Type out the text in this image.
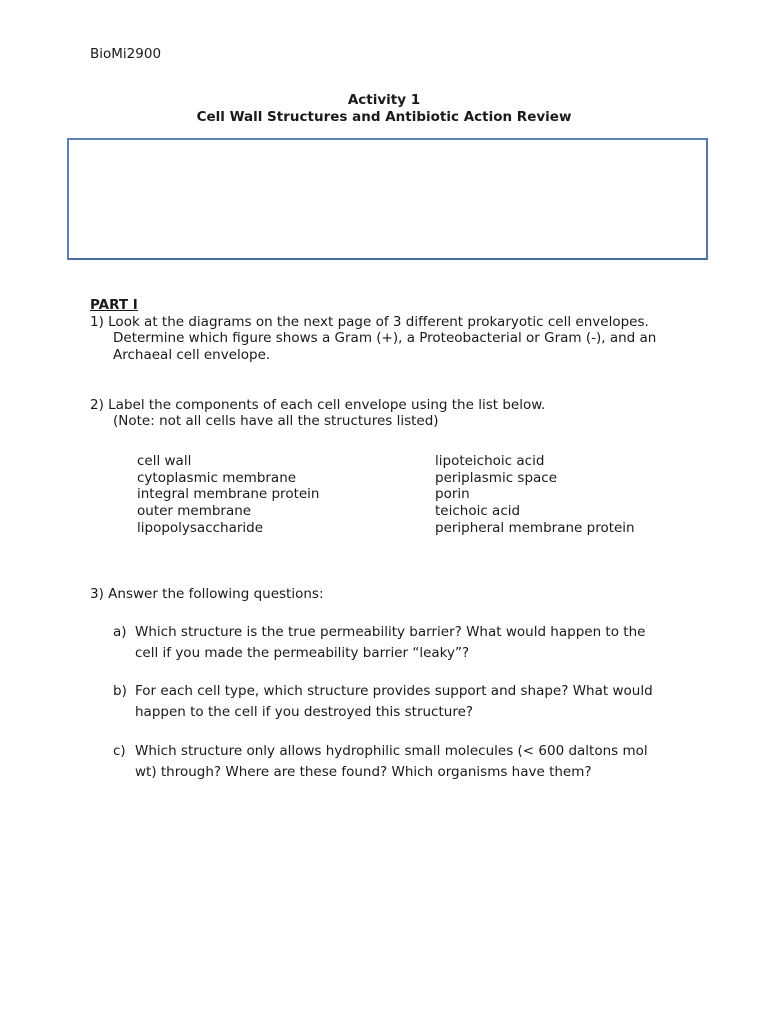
BioMi2900
Activity 1
Cell Wall Structures and Antibiotic Action Review
PART I
1) Look at the diagrams on the next page of 3 different prokaryotic cell envelopes.
Determine which figure shows a Gram (+), a Proteobacterial or Gram (-), and an
Archaeal cell envelope.
2) Label the components of each cell envelope using the list below.
(Note: not all cells have all the structures listed)
cell wall
cytoplasmic membrane
integral membrane protein
outer membrane
lipopolysaccharide
lipoteichoic acid
periplasmic space
porin
teichoic acid
peripheral membrane protein
3) Answer the following questions:
a) Which structure is the true permeability barrier? What would happen to the
cell if you made the permeability barrier “leaky”?
b) For each cell type, which structure provides support and shape? What would
happen to the cell if you destroyed this structure?
c) Which structure only allows hydrophilic small molecules (< 600 daltons mol
wt) through? Where are these found? Which organisms have them?
